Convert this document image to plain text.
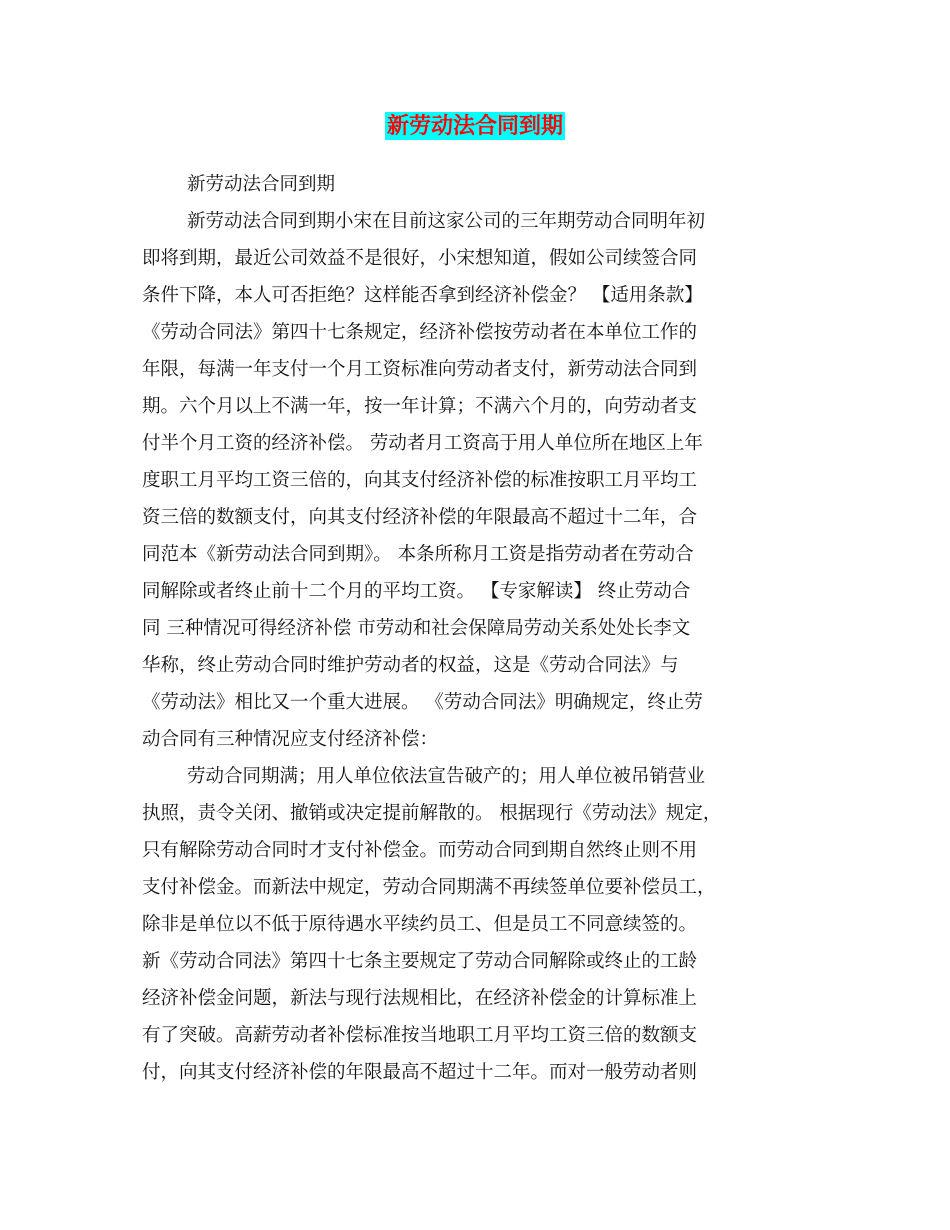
新劳动法合同到期
新劳动法合同到期
新劳动法合同到期小宋在目前这家公司的三年期劳动合同明年初
即将到期，最近公司效益不是很好，小宋想知道，假如公司续签合同
条件下降，本人可否拒绝？这样能否拿到经济补偿金？ 【适用条款】
《劳动合同法》第四十七条规定，经济补偿按劳动者在本单位工作的
年限，每满一年支付一个月工资标准向劳动者支付，新劳动法合同到
期。六个月以上不满一年，按一年计算；不满六个月的，向劳动者支
付半个月工资的经济补偿。 劳动者月工资高于用人单位所在地区上年
度职工月平均工资三倍的，向其支付经济补偿的标准按职工月平均工
资三倍的数额支付，向其支付经济补偿的年限最高不超过十二年，合
同范本《新劳动法合同到期》。 本条所称月工资是指劳动者在劳动合
同解除或者终止前十二个月的平均工资。 【专家解读】 终止劳动合
同 三种情况可得经济补偿 市劳动和社会保障局劳动关系处处长李文
华称，终止劳动合同时维护劳动者的权益，这是《劳动合同法》与
《劳动法》相比又一个重大进展。 《劳动合同法》明确规定，终止劳
动合同有三种情况应支付经济补偿：
劳动合同期满；用人单位依法宣告破产的；用人单位被吊销营业
执照，责令关闭、撤销或决定提前解散的。 根据现行《劳动法》规定，
只有解除劳动合同时才支付补偿金。而劳动合同到期自然终止则不用
支付补偿金。而新法中规定，劳动合同期满不再续签单位要补偿员工，
除非是单位以不低于原待遇水平续约员工、但是员工不同意续签的。
新《劳动合同法》第四十七条主要规定了劳动合同解除或终止的工龄
经济补偿金问题，新法与现行法规相比，在经济补偿金的计算标准上
有了突破。高薪劳动者补偿标准按当地职工月平均工资三倍的数额支
付，向其支付经济补偿的年限最高不超过十二年。而对一般劳动者则
